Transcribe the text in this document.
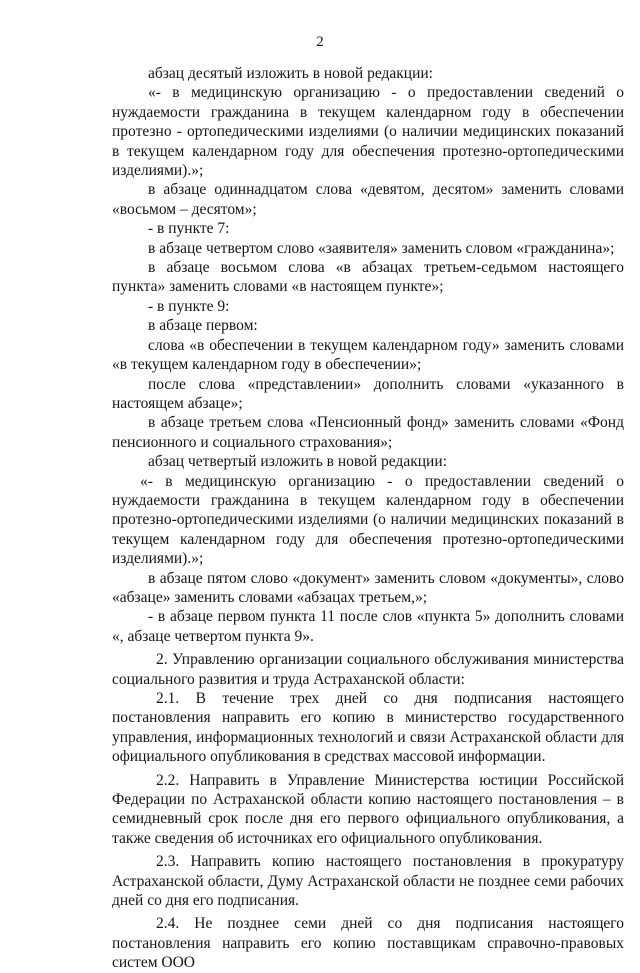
2

абзац десятый изложить в новой редакции:

«- в медицинскую организацию - о предоставлении сведений о нуждаемости гражданина в текущем календарном году в обеспечении протезно - ортопедическими изделиями (о наличии медицинских показаний в текущем календарном году для обеспечения протезно-ортопедическими изделиями).»;

в абзаце одиннадцатом слова «девятом, десятом» заменить словами «восьмом – десятом»;

- в пункте 7:

в абзаце четвертом слово «заявителя» заменить словом «гражданина»;

в абзаце восьмом слова «в абзацах третьем-седьмом настоящего пункта» заменить словами «в настоящем пункте»;

- в пункте 9:

в абзаце первом:

слова «в обеспечении в текущем календарном году» заменить словами «в текущем календарном году в обеспечении»;

после слова «представлении» дополнить словами «указанного в настоящем абзаце»;

в абзаце третьем слова «Пенсионный фонд» заменить словами «Фонд пенсионного и социального страхования»;

абзац четвертый изложить в новой редакции:

«- в медицинскую организацию - о предоставлении сведений о нуждаемости гражданина в текущем календарном году в обеспечении протезно-ортопедическими изделиями (о наличии медицинских показаний в текущем календарном году для обеспечения протезно-ортопедическими изделиями).»;

в абзаце пятом слово «документ» заменить словом «документы», слово «абзаце» заменить словами «абзацах третьем,»;

- в абзаце первом пункта 11 после слов «пункта 5» дополнить словами «, абзаце четвертом пункта 9».

2. Управлению организации социального обслуживания министерства социального развития и труда Астраханской области:

2.1. В течение трех дней со дня подписания настоящего постановления направить его копию в министерство государственного управления, информационных технологий и связи Астраханской области для официального опубликования в средствах массовой информации.

2.2. Направить в Управление Министерства юстиции Российской Федерации по Астраханской области копию настоящего постановления – в семидневный срок после дня его первого официального опубликования, а также сведения об источниках его официального опубликования.

2.3. Направить копию настоящего постановления в прокуратуру Астраханской области, Думу Астраханской области не позднее семи рабочих дней со дня его подписания.

2.4. Не позднее семи дней со дня подписания настоящего постановления направить его копию поставщикам справочно-правовых систем ООО
